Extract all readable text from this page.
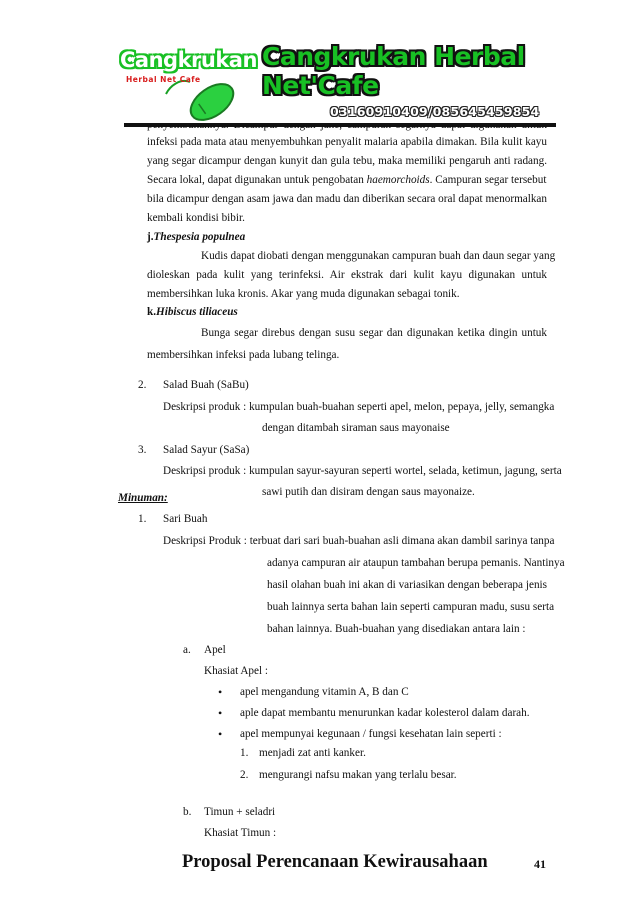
Cangkrukan
Herbal Net Cafe
Cangkrukan Herbal Net'Cafe
03160910409/085645459854
infeksi pada mata atau menyembuhkan penyalit malaria apabila dimakan. Bila kulit kayu
yang segar dicampur dengan kunyit dan gula tebu, maka memiliki pengaruh anti radang.
Secara lokal, dapat digunakan untuk pengobatan haemorchoids. Campuran segar tersebut
bila dicampur dengan asam jawa dan madu dan diberikan secara oral dapat menormalkan
kembali kondisi bibir.
j.Thespesia populnea
Kudis dapat diobati dengan menggunakan campuran buah dan daun segar yang
dioleskan pada kulit yang terinfeksi. Air ekstrak dari kulit kayu digunakan untuk
membersihkan luka kronis. Akar yang muda digunakan sebagai tonik.
k.Hibiscus tiliaceus
Bunga segar direbus dengan susu segar dan digunakan ketika dingin untuk
membersihkan infeksi pada lubang telinga.
2. Salad Buah (SaBu)
Deskripsi produk : kumpulan buah-buahan seperti apel, melon, pepaya, jelly, semangka
dengan ditambah siraman saus mayonaise
3. Salad Sayur (SaSa)
Deskripsi produk : kumpulan sayur-sayuran seperti wortel, selada, ketimun, jagung, serta
sawi putih dan disiram dengan saus mayonaize.
Minuman:
1. Sari Buah
Deskripsi Produk : terbuat dari sari buah-buahan asli dimana akan dambil sarinya tanpa
adanya campuran air ataupun tambahan berupa pemanis. Nantinya
hasil olahan buah ini akan di variasikan dengan beberapa jenis
buah lainnya serta bahan lain seperti campuran madu, susu serta
bahan lainnya. Buah-buahan yang disediakan antara lain :
a. Apel
Khasiat Apel :
• apel mengandung vitamin A, B dan C
• aple dapat membantu menurunkan kadar kolesterol dalam darah.
• apel mempunyai kegunaan / fungsi kesehatan lain seperti :
1. menjadi zat anti kanker.
2. mengurangi nafsu makan yang terlalu besar.
Proposal Perencanaan Kewirausahaan	41
b. Timun + seladri
Khasiat Timun :
